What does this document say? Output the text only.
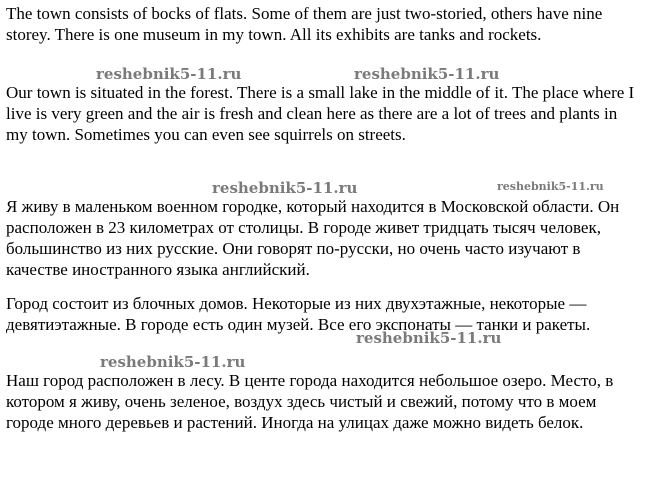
The town consists of bocks of flats. Some of them are just two-storied, others have nine storey. There is one museum in my town. All its exhibits are tanks and rockets.

Our town is situated in the forest. There is a small lake in the middle of it. The place where I live is very green and the air is fresh and clean here as there are a lot of trees and plants in my town. Sometimes you can even see squirrels on streets.

Я живу в маленьком военном городке, который находится в Московской области. Он расположен в 23 километрах от столицы. В городе живет тридцать тысяч человек, большинство из них русские. Они говорят по-русски, но очень часто изучают в качестве иностранного языка английский.

Город состоит из блочных домов. Некоторые из них двухэтажные, некоторые — девятиэтажные. В городе есть один музей. Все его экспонаты — танки и ракеты.

Наш город расположен в лесу. В центе города находится небольшое озеро. Место, в котором я живу, очень зеленое, воздух здесь чистый и свежий, потому что в моем городе много деревьев и растений. Иногда на улицах даже можно видеть белок.

reshebnik5-11.ru	reshebnik5-11.ru
reshebnik5-11.ru	reshebnik5-11.ru
reshebnik5-11.ru
reshebnik5-11.ru
